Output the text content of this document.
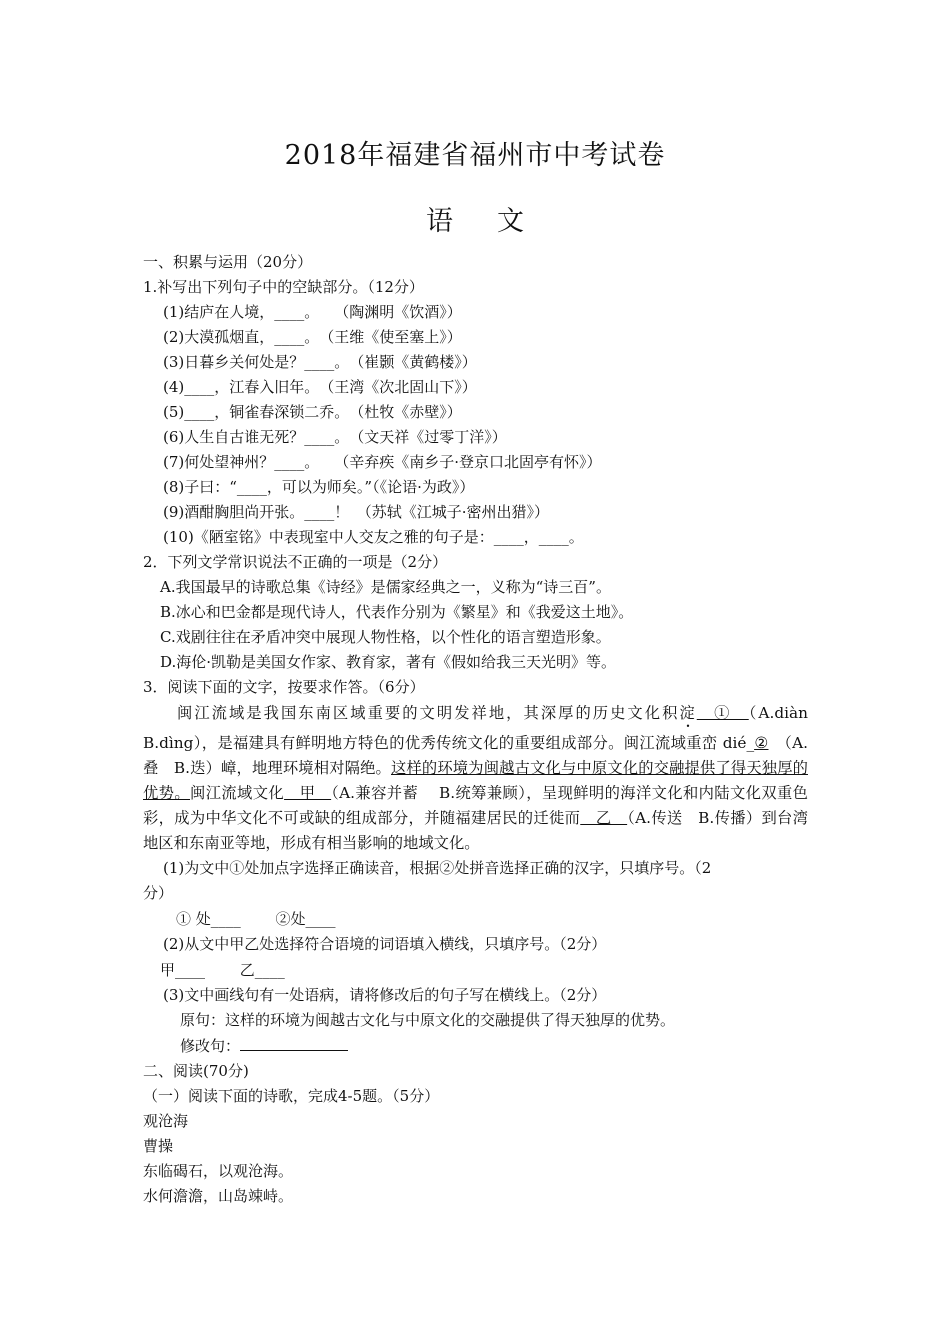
2018年福建省福州市中考试卷
语 文
一、积累与运用（20分）
1.补写出下列句子中的空缺部分。（12分）
(1)结庐在人境，____。　　（陶渊明《饮酒》）
(2)大漠孤烟直，____。　（王维《使至塞上》）
(3)日暮乡关何处是？____。　（崔颢《黄鹤楼》）
(4)____，江春入旧年。　（王湾《次北固山下》）
(5)____，铜雀春深锁二乔。　（杜牧《赤壁》）
(6)人生自古谁无死？____。　（文天祥《过零丁洋》）
(7)何处望神州？____。　　（辛弃疾《南乡子·登京口北固亭有怀》）
(8)子曰：“____，可以为师矣。”（《论语·为政》）
(9)酒酣胸胆尚开张。____！　（苏轼《江城子·密州出猎》）
(10)《陋室铭》中表现室中人交友之雅的句子是：____，____。
2．下列文学常识说法不正确的一项是（2分）
A.我国最早的诗歌总集《诗经》是儒家经典之一，义称为“诗三百”。
B.冰心和巴金都是现代诗人，代表作分别为《繁星》和《我爱这土地》。
C.戏剧往往在矛盾冲突中展现人物性格，以个性化的语言塑造形象。
D.海伦·凯勒是美国女作家、教育家，著有《假如给我三天光明》等。
3．阅读下面的文字，按要求作答。（6分）
闽江流域是我国东南区域重要的文明发祥地，其深厚的历史文化积淀　①　（A.diàn B.dìng），是福建具有鲜明地方特色的优秀传统文化的重要组成部分。闽江流域重峦 dié_②　（A.叠　B.迭）嶂，地理环境相对隔绝。这样的环境为闽越古文化与中原文化的交融提供了得天独厚的优势。闽江流域文化　甲　（A.兼容并蓄　 B.统筹兼顾），呈现鲜明的海洋文化和内陆文化双重色彩，成为中华文化不可或缺的组成部分，并随福建居民的迁徙而　乙　（A.传送　B.传播）到台湾地区和东南亚等地，形成有相当影响的地域文化。
(1)为文中①处加点字选择正确读音，根据②处拼音选择正确的汉字，只填序号。（2
分）
① 处____　　 ②处____
(2)从文中甲乙处选择符合语境的词语填入横线，只填序号。（2分）
甲____　　 乙____
(3)文中画线句有一处语病，请将修改后的句子写在横线上。（2分）
原句：这样的环境为闽越古文化与中原文化的交融提供了得天独厚的优势。
修改句：
二、阅读(70分)
（一）阅读下面的诗歌，完成4-5题。（5分）
观沧海
曹操
东临碣石，以观沧海。
水何澹澹，山岛竦峙。
